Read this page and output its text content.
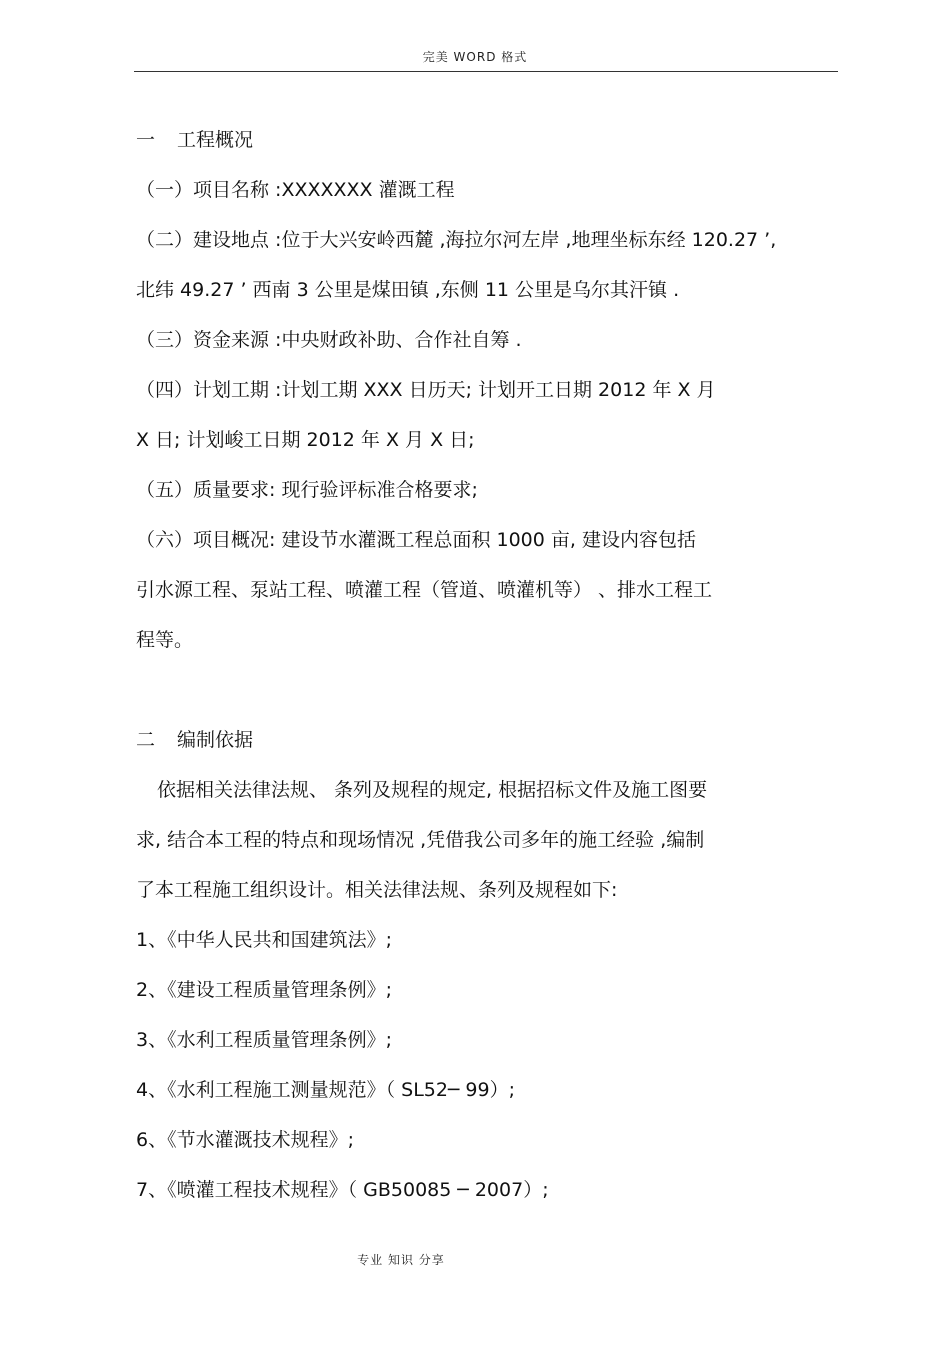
完美 WORD 格式
一 工程概况
（一）项目名称 :XXXXXXX 灌溉工程
（二）建设地点 :位于大兴安岭西麓 ,海拉尔河左岸 ,地理坐标东经 120.27 ’,
北纬 49.27 ’ 西南 3 公里是煤田镇 ,东侧 11 公里是乌尔其汗镇 .
（三）资金来源 :中央财政补助、合作社自筹 .
（四）计划工期 :计划工期 XXX 日历天; 计划开工日期 2012 年 X 月
X 日; 计划峻工日期 2012 年 X 月 X 日;
（五）质量要求: 现行验评标准合格要求;
（六）项目概况: 建设节水灌溉工程总面积 1000 亩, 建设内容包括
引水源工程、泵站工程、喷灌工程（管道、喷灌机等） 、排水工程工
程等。
二 编制依据
依据相关法律法规、 条列及规程的规定, 根据招标文件及施工图要
求, 结合本工程的特点和现场情况 ,凭借我公司多年的施工经验 ,编制
了本工程施工组织设计。相关法律法规、条列及规程如下:
1、《中华人民共和国建筑法》;
2、《建设工程质量管理条例》;
3、《水利工程质量管理条例》;
4、《水利工程施工测量规范》（ SL52─ 99）;
6、《节水灌溉技术规程》;
7、《喷灌工程技术规程》（ GB50085 ─ 2007）;
专业 知识 分享
